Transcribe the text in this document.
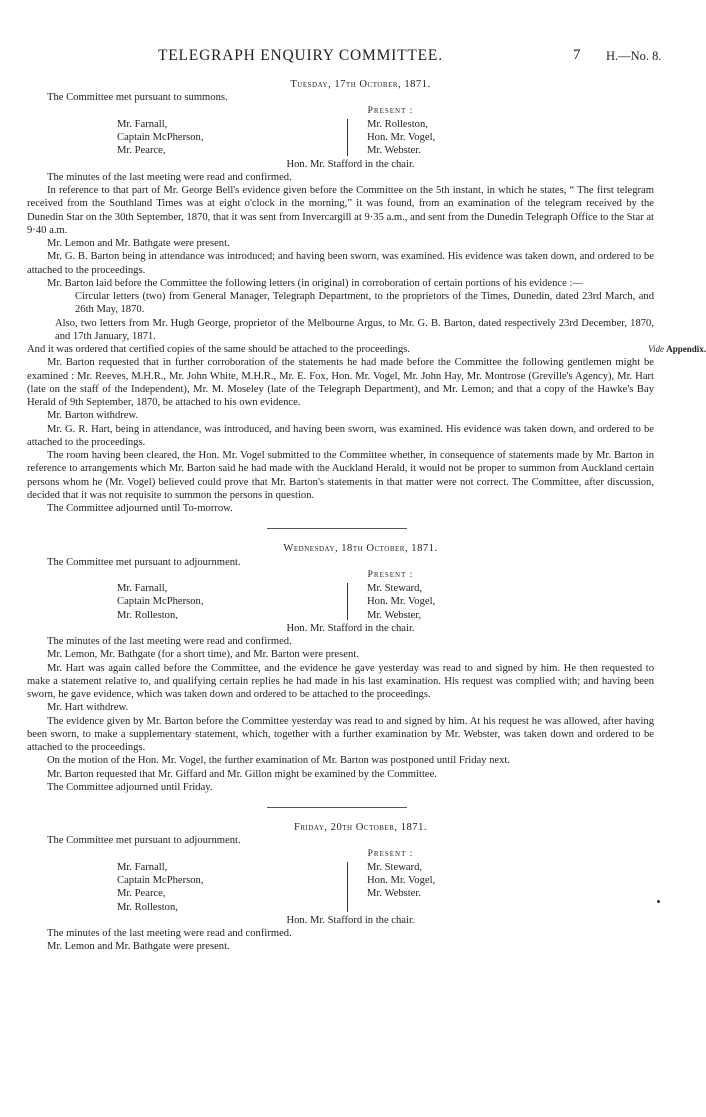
TELEGRAPH ENQUIRY COMMITTEE.	7 H.—No. 8.
Tuesday, 17th October, 1871.

The Committee met pursuant to summons.

Present :
Mr. Farnall,
Captain McPherson,
Mr. Pearce,
Mr. Rolleston,
Hon. Mr. Vogel,
Mr. Webster.
Hon. Mr. Stafford in the chair.

The minutes of the last meeting were read and confirmed.

In reference to that part of Mr. George Bell's evidence given before the Committee on the 5th instant, in which he states, “ The first telegram received from the Southland Times was at eight o'clock in the morning,” it was found, from an examination of the telegram received by the Dunedin Star on the 30th September, 1870, that it was sent from Invercargill at 9·35 a.m., and sent from the Dunedin Telegraph Office to the Star at 9·40 a.m.

Mr. Lemon and Mr. Bathgate were present.

Mr. G. B. Barton being in attendance was introduced; and having been sworn, was examined. His evidence was taken down, and ordered to be attached to the proceedings.

Mr. Barton laid before the Committee the following letters (in original) in corroboration of certain portions of his evidence :—

Circular letters (two) from General Manager, Telegraph Department, to the proprietors of the Times, Dunedin, dated 23rd March, and 26th May, 1870.

Also, two letters from Mr. Hugh George, proprietor of the Melbourne Argus, to Mr. G. B. Barton, dated respectively 23rd December, 1870, and 17th January, 1871.

And it was ordered that certified copies of the same should be attached to the proceedings.	Vide Appendix.

Mr. Barton requested that in further corroboration of the statements he had made before the Committee the following gentlemen might be examined : Mr. Reeves, M.H.R., Mr. John White, M.H.R., Mr. E. Fox, Hon. Mr. Vogel, Mr. John Hay, Mr. Montrose (Greville's Agency), Mr. Hart (late on the staff of the Independent), Mr. M. Moseley (late of the Telegraph Department), and Mr. Lemon; and that a copy of the Hawke's Bay Herald of 9th September, 1870, be attached to his own evidence.

Mr. Barton withdrew.

Mr. G. R. Hart, being in attendance, was introduced, and having been sworn, was examined. His evidence was taken down, and ordered to be attached to the proceedings.

The room having been cleared, the Hon. Mr. Vogel submitted to the Committee whether, in consequence of statements made by Mr. Barton in reference to arrangements which Mr. Barton said he had made with the Auckland Herald, it would not be proper to summon from Auckland certain persons whom he (Mr. Vogel) believed could prove that Mr. Barton's statements in that matter were not correct. The Committee, after discussion, decided that it was not requisite to summon the persons in question.

The Committee adjourned until To-morrow.

Wednesday, 18th October, 1871.

The Committee met pursuant to adjournment.

Present :
Mr. Farnall,
Captain McPherson,
Mr. Rolleston,
Mr. Steward,
Hon. Mr. Vogel,
Mr. Webster,
Hon. Mr. Stafford in the chair.

The minutes of the last meeting were read and confirmed.

Mr. Lemon, Mr. Bathgate (for a short time), and Mr. Barton were present.

Mr. Hart was again called before the Committee, and the evidence he gave yesterday was read to and signed by him. He then requested to make a statement relative to, and qualifying certain replies he had made in his last examination. His request was complied with; and having been sworn, he gave evidence, which was taken down and ordered to be attached to the proceedings.

Mr. Hart withdrew.

The evidence given by Mr. Barton before the Committee yesterday was read to and signed by him. At his request he was allowed, after having been sworn, to make a supplementary statement, which, together with a further examination by Mr. Webster, was taken down and ordered to be attached to the proceedings.

On the motion of the Hon. Mr. Vogel, the further examination of Mr. Barton was postponed until Friday next.

Mr. Barton requested that Mr. Giffard and Mr. Gillon might be examined by the Committee.

The Committee adjourned until Friday.

Friday, 20th October, 1871.

The Committee met pursuant to adjournment.

Present :
Mr. Farnall,
Captain McPherson,
Mr. Pearce,
Mr. Rolleston,
Mr. Steward,
Hon. Mr. Vogel,
Mr. Webster.
Hon. Mr. Stafford in the chair.

The minutes of the last meeting were read and confirmed.

Mr. Lemon and Mr. Bathgate were present.
